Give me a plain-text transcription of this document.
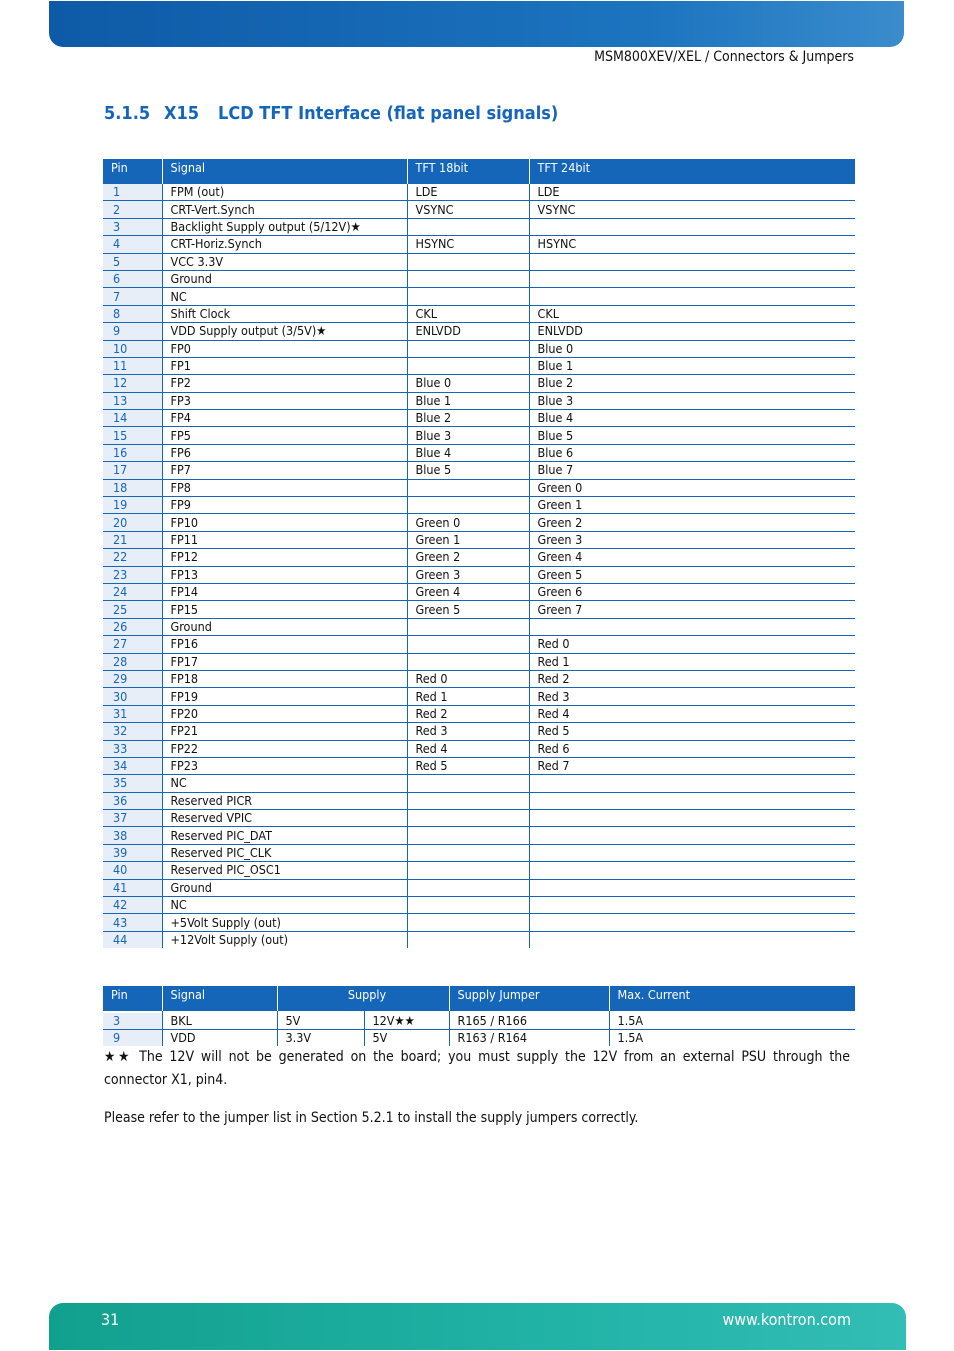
MSM800XEV/XEL / Connectors & Jumpers
5.1.5 X15 LCD TFT Interface (flat panel signals)
Pin	Signal	TFT 18bit	TFT 24bit
1	FPM (out)	LDE	LDE
2	CRT-Vert.Synch	VSYNC	VSYNC
3	Backlight Supply output (5/12V)★		
4	CRT-Horiz.Synch	HSYNC	HSYNC
5	VCC 3.3V		
6	Ground		
7	NC		
8	Shift Clock	CKL	CKL
9	VDD Supply output (3/5V)★	ENLVDD	ENLVDD
10	FP0		Blue 0
11	FP1		Blue 1
12	FP2	Blue 0	Blue 2
13	FP3	Blue 1	Blue 3
14	FP4	Blue 2	Blue 4
15	FP5	Blue 3	Blue 5
16	FP6	Blue 4	Blue 6
17	FP7	Blue 5	Blue 7
18	FP8		Green 0
19	FP9		Green 1
20	FP10	Green 0	Green 2
21	FP11	Green 1	Green 3
22	FP12	Green 2	Green 4
23	FP13	Green 3	Green 5
24	FP14	Green 4	Green 6
25	FP15	Green 5	Green 7
26	Ground		
27	FP16		Red 0
28	FP17		Red 1
29	FP18	Red 0	Red 2
30	FP19	Red 1	Red 3
31	FP20	Red 2	Red 4
32	FP21	Red 3	Red 5
33	FP22	Red 4	Red 6
34	FP23	Red 5	Red 7
35	NC		
36	Reserved PICR		
37	Reserved VPIC		
38	Reserved PIC_DAT		
39	Reserved PIC_CLK		
40	Reserved PIC_OSC1		
41	Ground		
42	NC		
43	+5Volt Supply (out)		
44	+12Volt Supply (out)		
Pin	Signal	Supply		Supply Jumper	Max. Current

3	BKL	5V	12V★★	R165 / R166	1.5A
9	VDD	3.3V	5V	R163 / R164	1.5A

★★ The 12V will not be generated on the board; you must supply the 12V from an external PSU through the connector X1, pin4.

Please refer to the jumper list in Section 5.2.1 to install the supply jumpers correctly.

31	www.kontron.com
